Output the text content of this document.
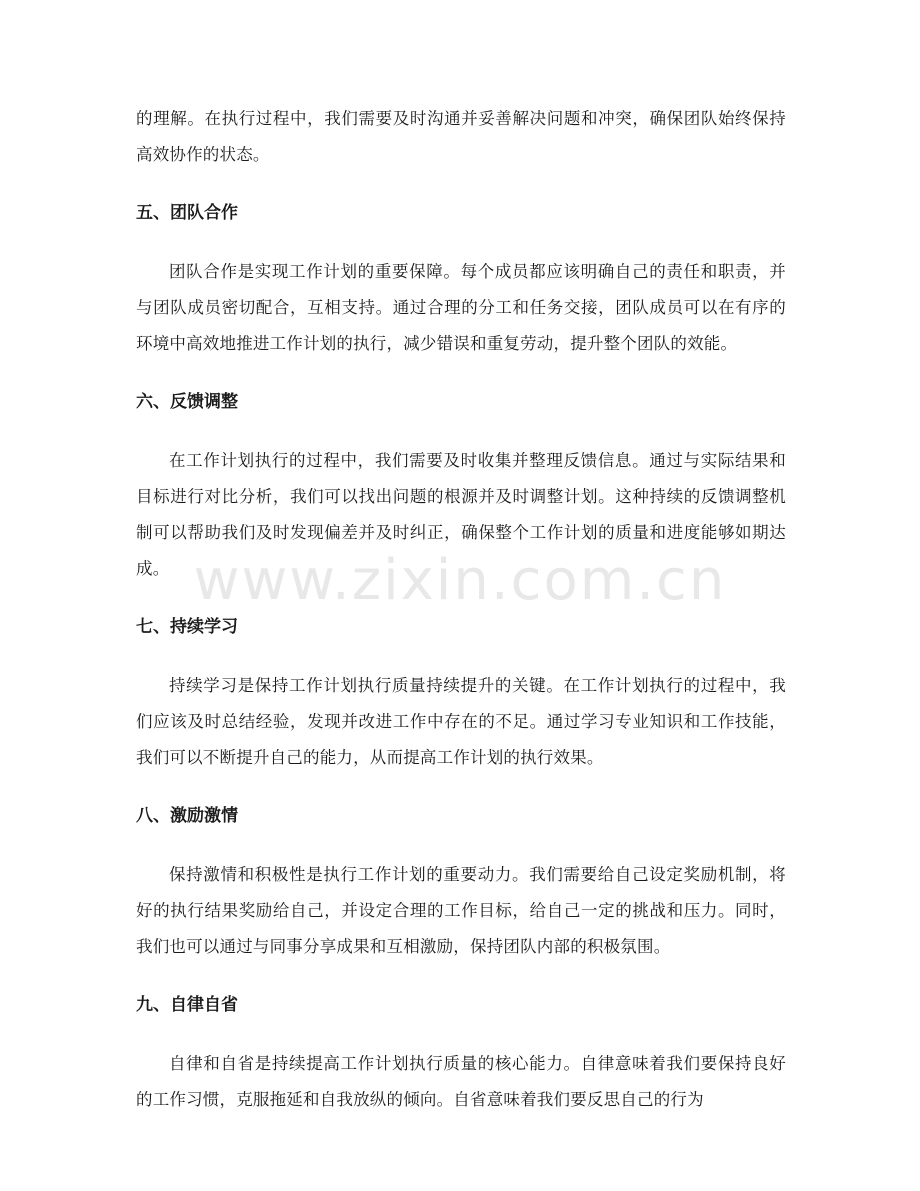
的理解。在执行过程中，我们需要及时沟通并妥善解决问题和冲突，确保团队始终保持高效协作的状态。

五、团队合作

团队合作是实现工作计划的重要保障。每个成员都应该明确自己的责任和职责，并与团队成员密切配合，互相支持。通过合理的分工和任务交接，团队成员可以在有序的环境中高效地推进工作计划的执行，减少错误和重复劳动，提升整个团队的效能。

六、反馈调整

在工作计划执行的过程中，我们需要及时收集并整理反馈信息。通过与实际结果和目标进行对比分析，我们可以找出问题的根源并及时调整计划。这种持续的反馈调整机制可以帮助我们及时发现偏差并及时纠正，确保整个工作计划的质量和进度能够如期达成。

七、持续学习

持续学习是保持工作计划执行质量持续提升的关键。在工作计划执行的过程中，我们应该及时总结经验，发现并改进工作中存在的不足。通过学习专业知识和工作技能，我们可以不断提升自己的能力，从而提高工作计划的执行效果。

八、激励激情

保持激情和积极性是执行工作计划的重要动力。我们需要给自己设定奖励机制，将好的执行结果奖励给自己，并设定合理的工作目标，给自己一定的挑战和压力。同时，我们也可以通过与同事分享成果和互相激励，保持团队内部的积极氛围。

九、自律自省

自律和自省是持续提高工作计划执行质量的核心能力。自律意味着我们要保持良好的工作习惯，克服拖延和自我放纵的倾向。自省意味着我们要反思自己的行为

www.zixin.com.cn
